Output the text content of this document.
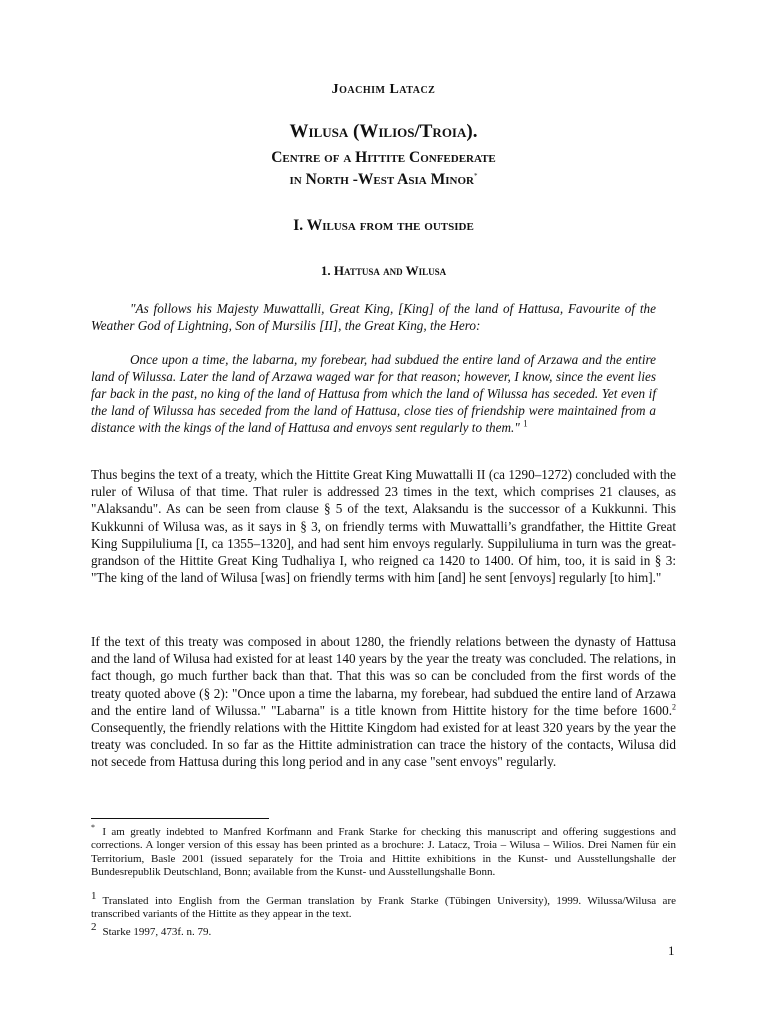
Joachim Latacz
Wilusa (Wilios/Troia).
Centre of a Hittite Confederate
in North -West Asia Minor*
I. Wilusa from the outside
1. Hattusa and Wilusa
"As follows his Majesty Muwattalli, Great King, [King] of the land of Hattusa, Favourite of the Weather God of Lightning, Son of Mursilis [II], the Great King, the Hero:
Once upon a time, the labarna, my forebear, had subdued the entire land of Arzawa and the entire land of Wilussa. Later the land of Arzawa waged war for that reason; however, I know, since the event lies far back in the past, no king of the land of Hattusa from which the land of Wilussa has seceded. Yet even if the land of Wilussa has seceded from the land of Hattusa, close ties of friendship were maintained from a distance with the kings of the land of Hattusa and envoys sent regularly to them." $^1$
Thus begins the text of a treaty, which the Hittite Great King Muwattalli II (ca 1290–1272) concluded with the ruler of Wilusa of that time. That ruler is addressed 23 times in the text, which comprises 21 clauses, as "Alaksandu". As can be seen from clause § 5 of the text, Alaksandu is the successor of a Kukkunni. This Kukkunni of Wilusa was, as it says in § 3, on friendly terms with Muwattalli’s grandfather, the Hittite Great King Suppiluliuma [I, ca 1355–1320], and had sent him envoys regularly. Suppiluliuma in turn was the great-grandson of the Hittite Great King Tudhaliya I, who reigned ca 1420 to 1400. Of him, too, it is said in § 3: "The king of the land of Wilusa [was] on friendly terms with him [and] he sent [envoys] regularly [to him]."
If the text of this treaty was composed in about 1280, the friendly relations between the dynasty of Hattusa and the land of Wilusa had existed for at least 140 years by the year the treaty was concluded. The relations, in fact though, go much further back than that. That this was so can be concluded from the first words of the treaty quoted above (§ 2): "Once upon a time the labarna, my forebear, had subdued the entire land of Arzawa and the entire land of Wilussa." "Labarna" is a title known from Hittite history for the time before 1600.$^2$ Consequently, the friendly relations with the Hittite Kingdom had existed for at least 320 years by the year the treaty was concluded. In so far as the Hittite administration can trace the history of the contacts, Wilusa did not secede from Hattusa during this long period and in any case "sent envoys" regularly.
* I am greatly indebted to Manfred Korfmann and Frank Starke for checking this manuscript and offering suggestions and corrections. A longer version of this essay has been printed as a brochure: J. Latacz, Troia – Wilusa – Wilios. Drei Namen für ein Territorium, Basle 2001 (issued separately for the Troia and Hittite exhibitions in the Kunst- und Ausstellungshalle der Bundesrepublik Deutschland, Bonn; available from the Kunst- und Ausstellungshalle Bonn.
1 Translated into English from the German translation by Frank Starke (Tübingen University), 1999. Wilussa/Wilusa are transcribed variants of the Hittite as they appear in the text.
2 Starke 1997, 473f. n. 79.
1
